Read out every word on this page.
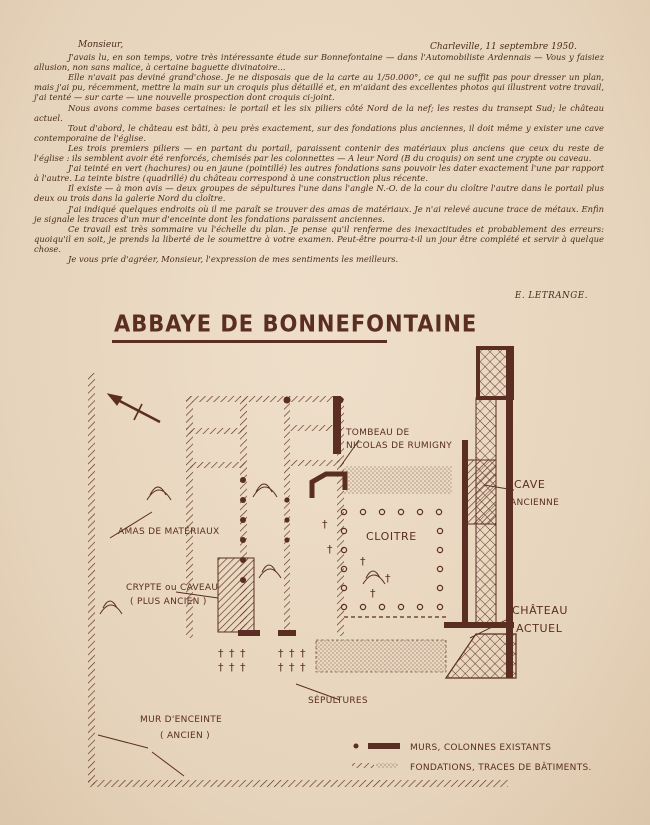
Charleville, 11 septembre 1950.

Monsieur,

J'avais lu, en son temps, votre très intéressante étude sur Bonnefontaine — dans l'Automobiliste Ardennais — Vous y faisiez allusion, non sans malice, à certaine baguette divinatoire...

Elle n'avait pas deviné grand'chose. Je ne disposais que de la carte au 1/50.000°, ce qui ne suffit pas pour dresser un plan, mais j'ai pu, récemment, mettre la main sur un croquis plus détaillé et, en m'aidant des excellentes photos qui illustrent votre travail, j'ai tenté — sur carte — une nouvelle prospection dont croquis ci-joint.

Nous avons comme bases certaines: le portail et les six piliers côté Nord de la nef; les restes du transept Sud; le château actuel.

Tout d'abord, le château est bâti, à peu près exactement, sur des fondations plus anciennes, il doit même y exister une cave contemporaine de l'église.

Les trois premiers piliers — en partant du portail, paraissent contenir des matériaux plus anciens que ceux du reste de l'église : ils semblent avoir été renforcés, chemisés par les colonnettes — A leur Nord (B du croquis) on sent une crypte ou caveau.

J'ai teinté en vert (hachures) ou en jaune (pointillé) les autres fondations sans pouvoir les dater exactement l'une par rapport à l'autre. La teinte bistre (quadrillé) du château correspond à une construction plus récente.

Il existe — à mon avis — deux groupes de sépultures l'une dans l'angle N.-O. de la cour du cloître l'autre dans le portail plus deux ou trois dans la galerie Nord du cloître.

J'ai indiqué quelques endroits où il me paraît se trouver des amas de matériaux. Je n'ai relevé aucune trace de métaux. Enfin je signale les traces d'un mur d'enceinte dont les fondations paraissent anciennes.

Ce travail est très sommaire vu l'échelle du plan. Je pense qu'il renferme des inexactitudes et probablement des erreurs: quoiqu'il en soit, je prends la liberté de le soumettre à votre examen. Peut-être pourra-t-il un jour être complété et servir à quelque chose.

Je vous prie d'agréer, Monsieur, l'expression de mes sentiments les meilleurs.

E. LETRANGE.
ABBAYE DE BONNEFONTAINE
†
†
†
†
†
† † †
† † †
† † †
† † †
TOMBEAU DE
NICOLAS DE RUMIGNY
CAVE
ANCIENNE
AMAS DE MATÉRIAUX	CLOITRE
CRYPTE ou CAVEAU
( PLUS ANCIEN )
CHÂTEAU
ACTUEL
SÉPULTURES
MUR D'ENCEINTE
( ANCIEN )
MURS, COLONNES EXISTANTS
FONDATIONS, TRACES DE BÂTIMENTS.
